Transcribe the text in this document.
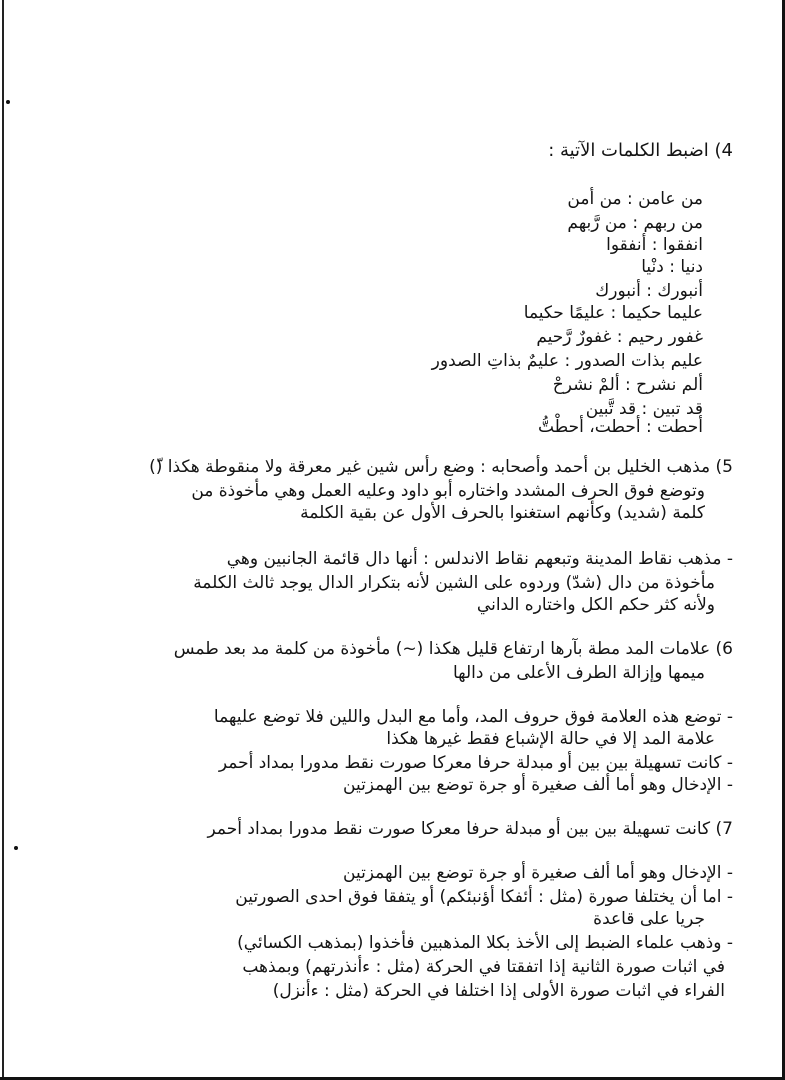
4) اضبط الكلمات الآتية :
من عامن : من أمن
من ربهم : من رَّبهم
انفقوا : أنفقوا
دنيا : دنْيا
أنبورك : أنبورك
عليما حكيما : عليمًا حكيما
غفور رحيم : غفورٌ رَّحيم
عليم بذات الصدور : عليمٌ بذاتِ الصدور
ألم نشرح : ألمْ نشرحْ
قد تبين : قد تَّبين
أحطت : أحطت، أحطْتُّ
5) مذهب الخليل بن أحمد وأصحابه : وضع رأس شين غير معرقة ولا منقوطة هكذا (ّ)
وتوضع فوق الحرف المشدد واختاره أبو داود وعليه العمل وهي مأخوذة من
كلمة (شديد) وكأنهم استغنوا بالحرف الأول عن بقية الكلمة
- مذهب نقاط المدينة وتبعهم نقاط الاندلس : أنها دال قائمة الجانبين وهي
مأخوذة من دال (شدّ) وردوه على الشين لأنه بتكرار الدال يوجد ثالث الكلمة
ولأنه كثر حكم الكل واختاره الداني
6) علامات المد مطة بآرها ارتفاع قليل هكذا (~) مأخوذة من كلمة مد بعد طمس
ميمها وإزالة الطرف الأعلى من دالها
- توضع هذه العلامة فوق حروف المد، وأما مع البدل واللين فلا توضع عليهما
علامة المد إلا في حالة الإشباع فقط غيرها هكذا
- كانت تسهيلة بين بين أو مبدلة حرفا معركا صورت نقط مدورا بمداد أحمر
- الإدخال وهو أما ألف صغيرة أو جرة توضع بين الهمزتين
7) كانت تسهيلة بين بين أو مبدلة حرفا معركا صورت نقط مدورا بمداد أحمر
- الإدخال وهو أما ألف صغيرة أو جرة توضع بين الهمزتين
- اما أن يختلفا صورة (مثل : أئفكا أؤنبئكم) أو يتفقا فوق احدى الصورتين
جريا على قاعدة
- وذهب علماء الضبط إلى الأخذ بكلا المذهبين فأخذوا (بمذهب الكسائي)
في اثبات صورة الثانية إذا اتفقتا في الحركة (مثل : ءأنذرتهم) وبمذهب
الفراء في اثبات صورة الأولى إذا اختلفا في الحركة (مثل : ءأنزل)
